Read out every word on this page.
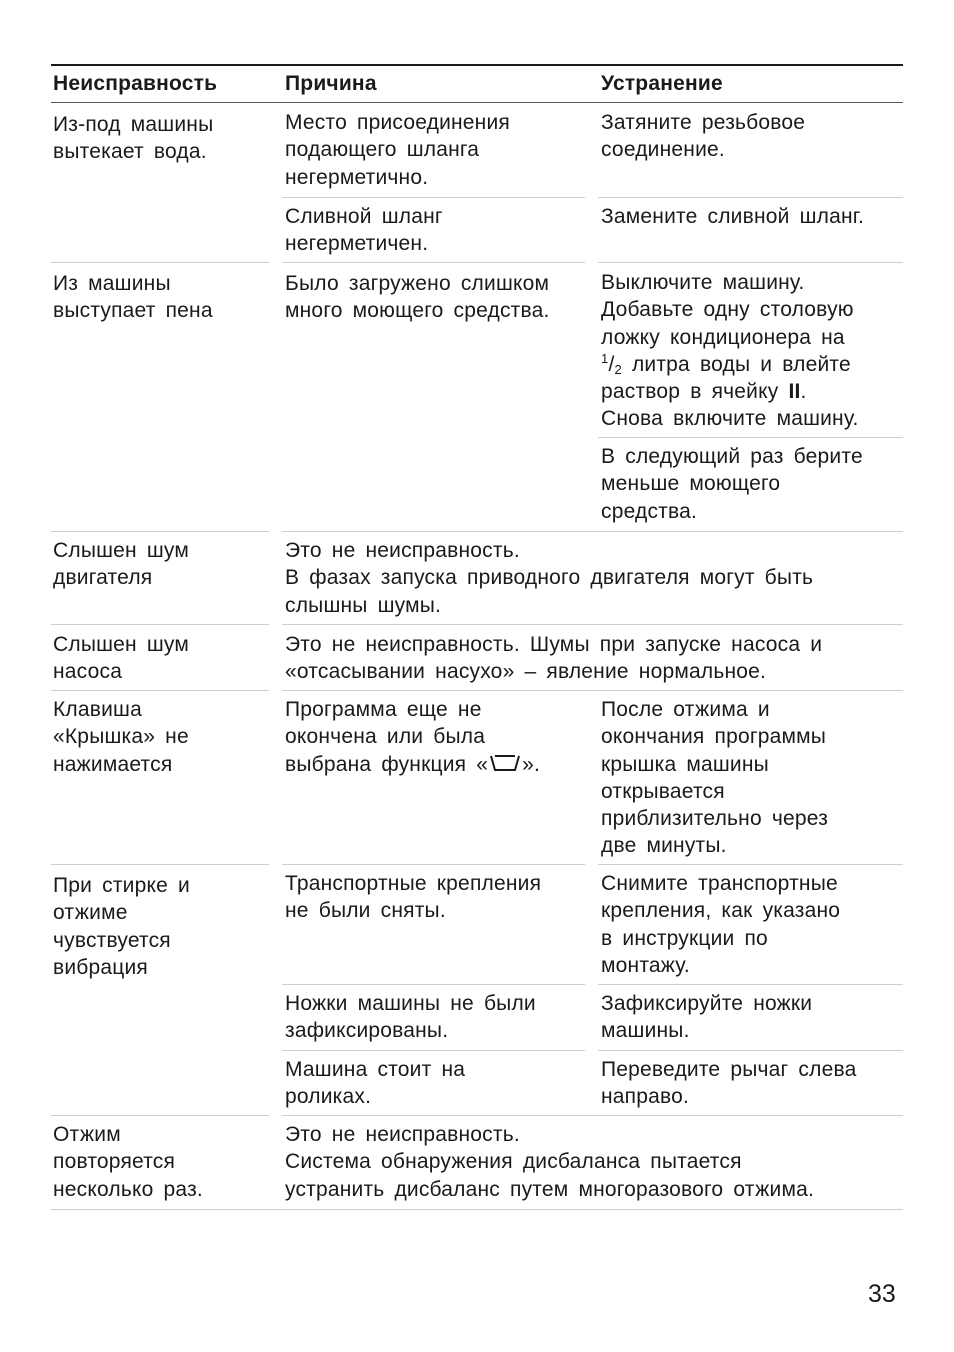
Неисправность	Причина	Устранение
Из-под машины
вытекает вода.
Место присоединения
подающего шланга
негерметично.
Затяните резьбовое
соединение.
Сливной шланг
негерметичен.
Замените сливной шланг.
Из машины
выступает пена
Было загружено слишком
много моющего средства.
Выключите машину.
Добавьте одну столовую
ложку кондиционера на
$^1/_2$ литра воды и влейте
раствор в ячейку II.
Снова включите машину.
В следующий раз берите
меньше моющего
средства.
Слышен шум
двигателя
Это не неисправность.
В фазах запуска приводного двигателя могут быть
слышны шумы.
Слышен шум
насоса
Это не неисправность. Шумы при запуске насоса и
«отсасывании насухо» – явление нормальное.
Клавиша
«Крышка» не
нажимается
Программа еще не
окончена или была
выбрана функция « ».
После отжима и
окончания программы
крышка машины
открывается
приблизительно через
две минуты.
При стирке и
отжиме
чувствуется
вибрация
Транспортные крепления
не были сняты.
Снимите транспортные
крепления, как указано
в инструкции по
монтажу.
Ножки машины не были
зафиксированы.
Зафиксируйте ножки
машины.
Машина стоит на
роликах.
Переведите рычаг слева
направо.
Отжим
повторяется
несколько раз.
Это не неисправность.
Система обнаружения дисбаланса пытается
устранить дисбаланс путем многоразового отжима.
33
